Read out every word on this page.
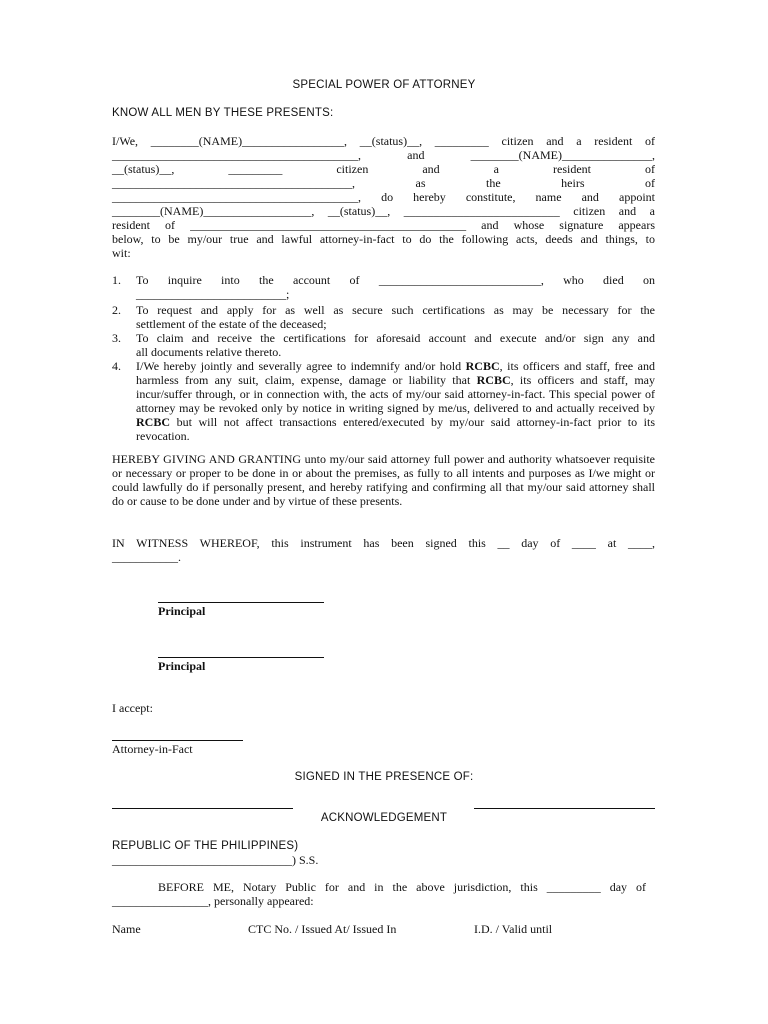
SPECIAL POWER OF ATTORNEY
KNOW ALL MEN BY THESE PRESENTS:
I/We, ________(NAME)_________________, __(status)__, _________ citizen and a resident of
_________________________________________, and ________(NAME)_______________,
__(status)__, _________ citizen and a resident of
________________________________________, as the heirs of
_________________________________________, do hereby constitute, name and appoint
________(NAME)__________________, __(status)__, __________________________ citizen and a
resident of ______________________________________________ and whose signature appears
below, to be my/our true and lawful attorney-in-fact to do the following acts, deeds and things, to
wit:
1. To inquire into the account of ___________________________, who died on
_________________________;
2. To request and apply for as well as secure such certifications as may be necessary for the
settlement of the estate of the deceased;
3. To claim and receive the certifications for aforesaid account and execute and/or sign any and
all documents relative thereto.
4. I/We hereby jointly and severally agree to indemnify and/or hold RCBC, its officers and staff, free and harmless from any suit, claim, expense, damage or liability that RCBC, its officers and staff, may incur/suffer through, or in connection with, the acts of my/our said attorney-in-fact. This special power of attorney may be revoked only by notice in writing signed by me/us, delivered to and actually received by RCBC but will not affect transactions entered/executed by my/our said attorney-in-fact prior to its revocation.
HEREBY GIVING AND GRANTING unto my/our said attorney full power and authority whatsoever requisite or necessary or proper to be done in or about the premises, as fully to all intents and purposes as I/we might or could lawfully do if personally present, and hereby ratifying and confirming all that my/our said attorney shall do or cause to be done under and by virtue of these presents.
IN WITNESS WHEREOF, this instrument has been signed this __ day of ____ at ____,
___________.
Principal
Principal
I accept:
Attorney-in-Fact
SIGNED IN THE PRESENCE OF:
ACKNOWLEDGEMENT
REPUBLIC OF THE PHILIPPINES)
______________________________) S.S.
BEFORE ME, Notary Public for and in the above jurisdiction, this _________ day of
________________, personally appeared:
Name	CTC No. / Issued At/ Issued In	I.D. / Valid until
